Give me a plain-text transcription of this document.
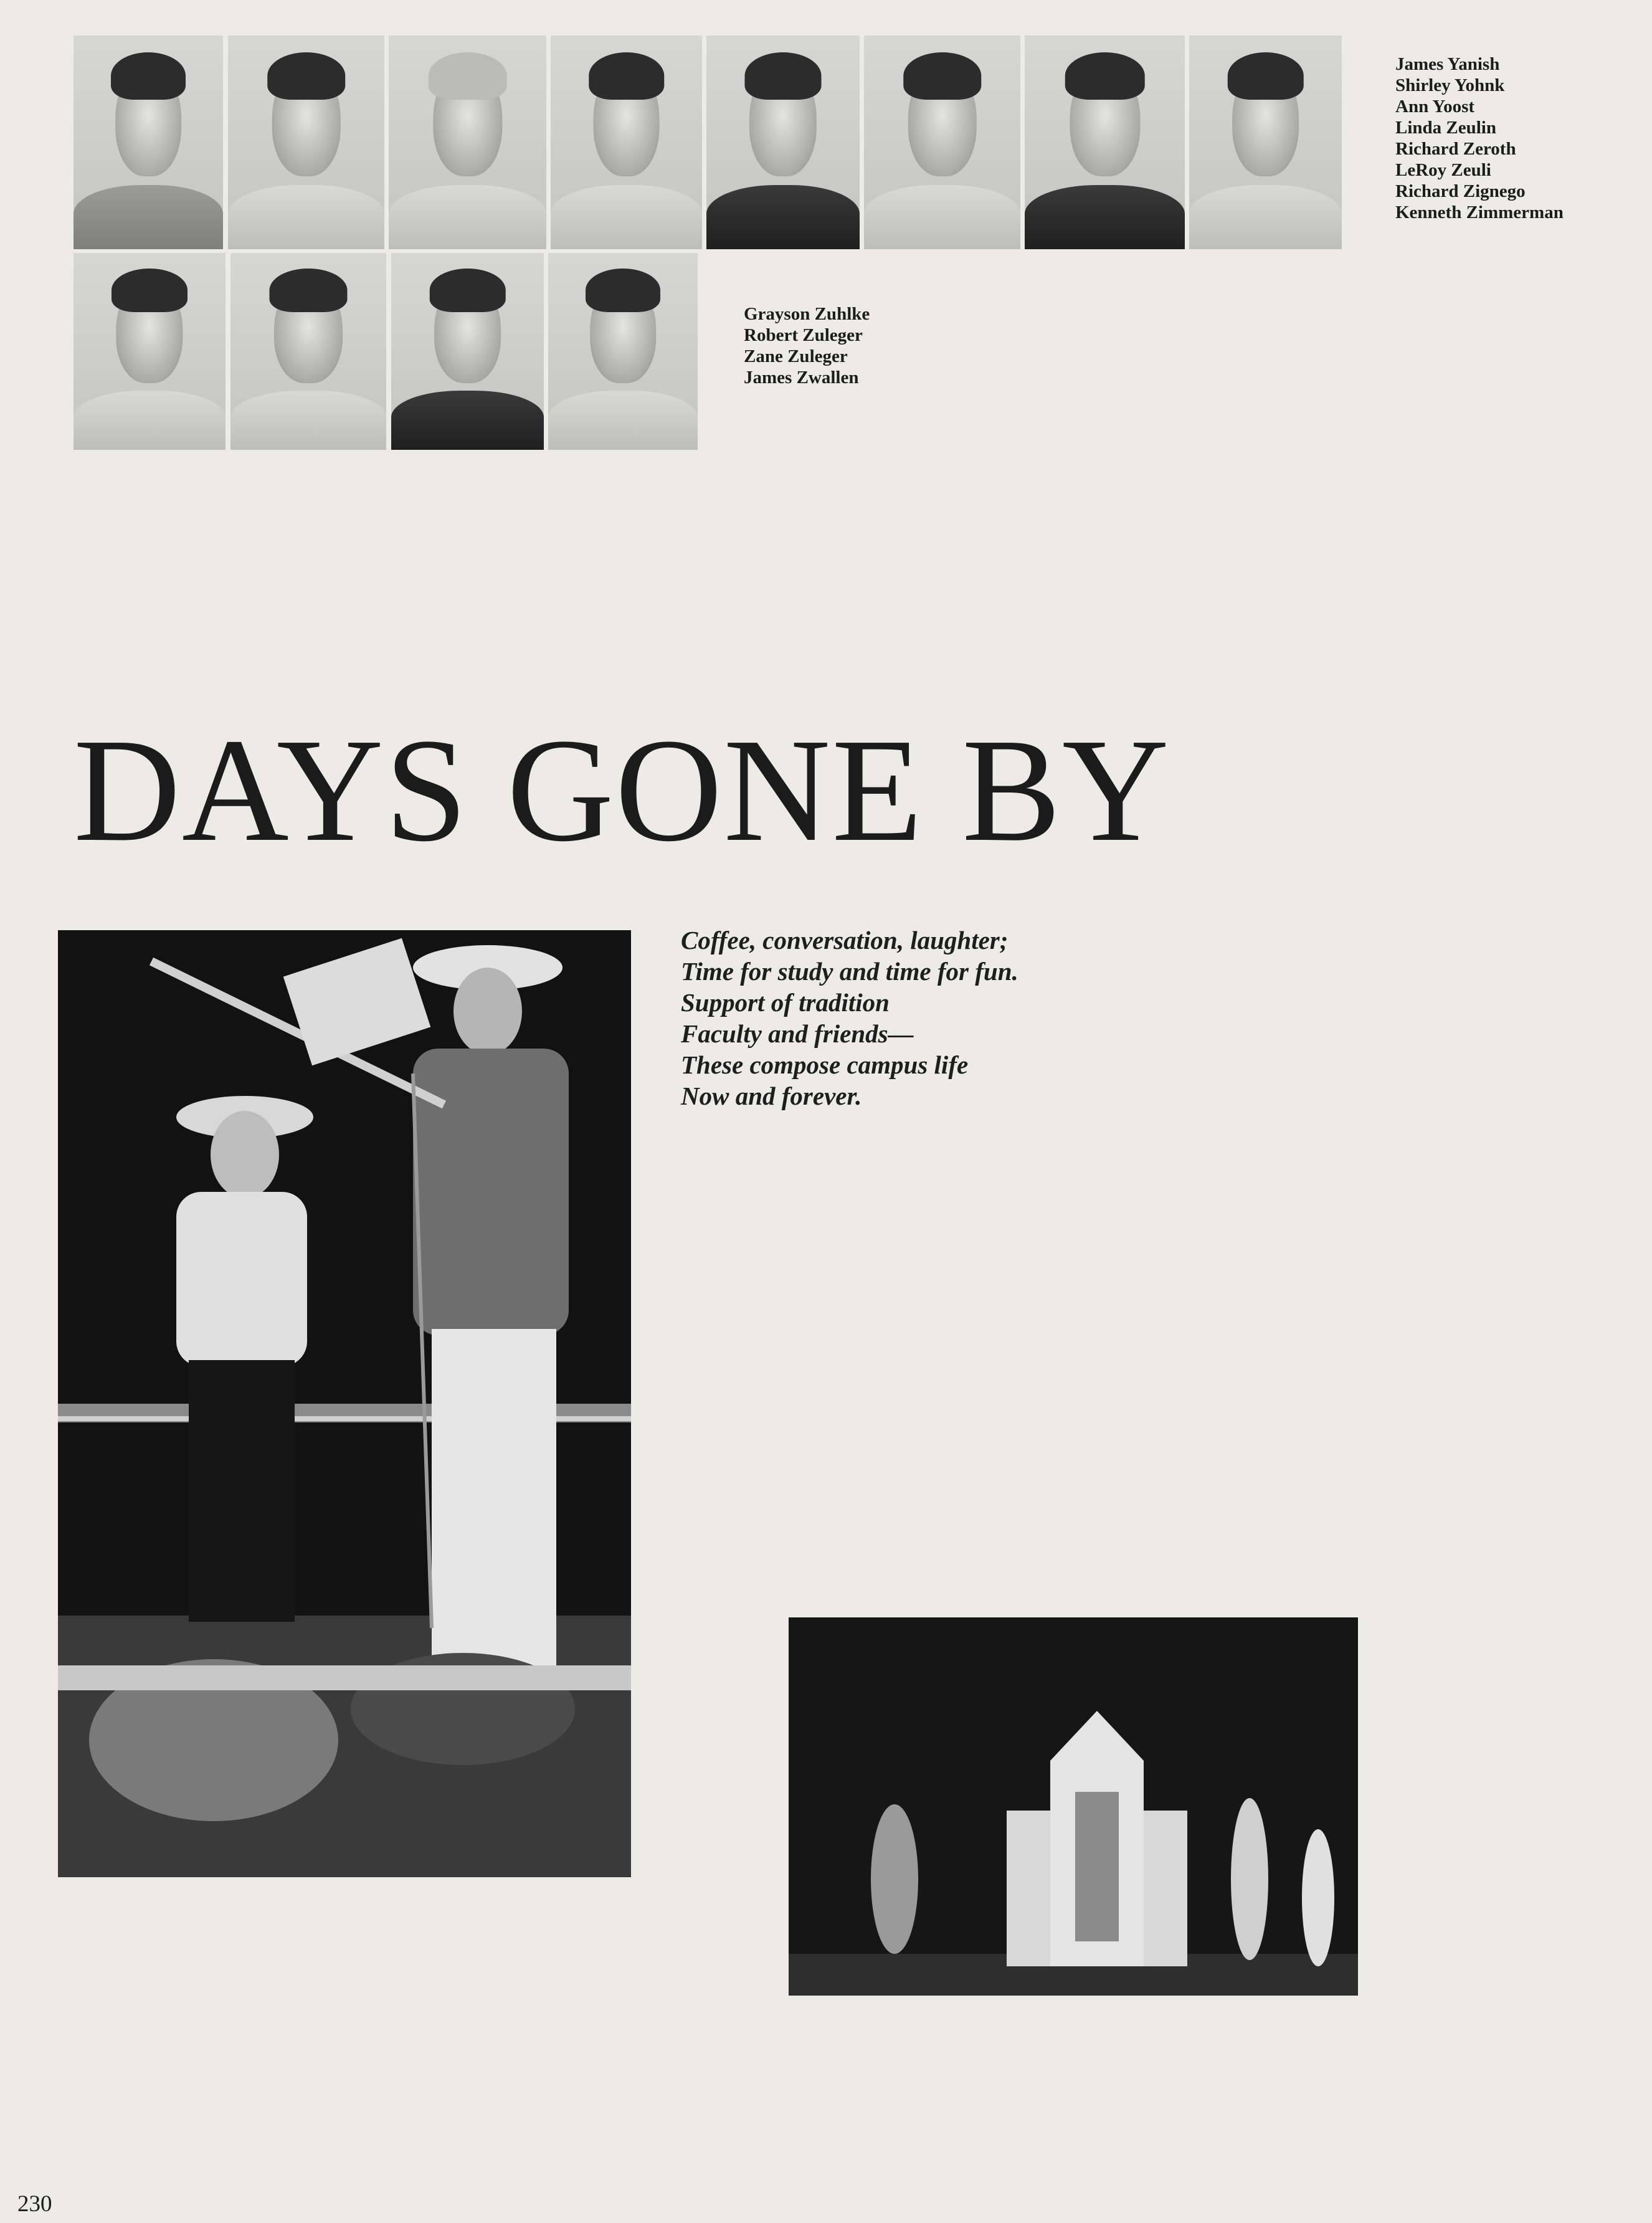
James Yanish
Shirley Yohnk
Ann Yoost
Linda Zeulin
Richard Zeroth
LeRoy Zeuli
Richard Zignego
Kenneth Zimmerman
Grayson Zuhlke
Robert Zuleger
Zane Zuleger
James Zwallen
DAYS GONE BY
Coffee, conversation, laughter;
Time for study and time for fun.
Support of tradition
Faculty and friends—
These compose campus life
Now and forever.
230
